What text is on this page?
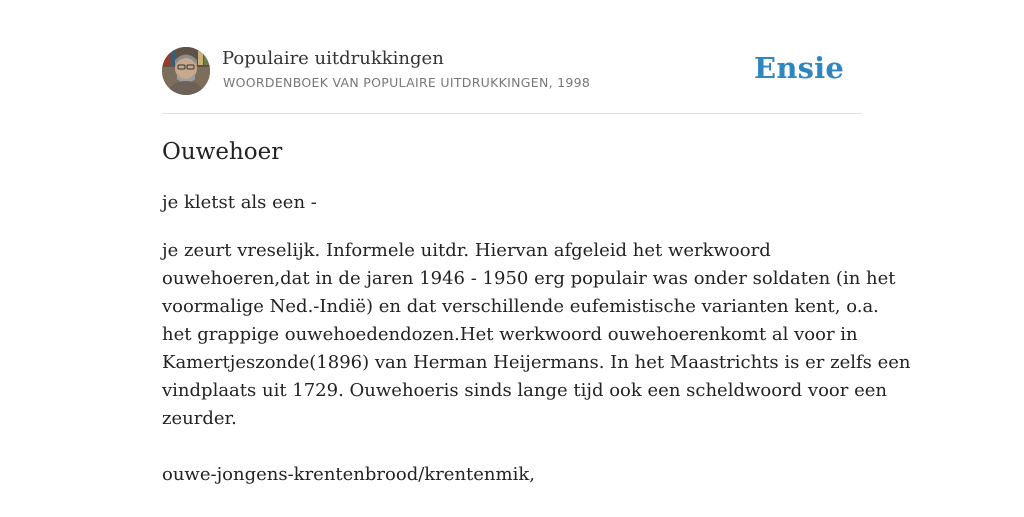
Populaire uitdrukkingen
WOORDENBOEK VAN POPULAIRE UITDRUKKINGEN, 1998	Ensie
Ouwehoer
je kletst als een -

je zeurt vreselijk. Informele uitdr. Hiervan afgeleid het werkwoord
ouwehoeren,dat in de jaren 1946 - 1950 erg populair was onder soldaten (in het
voormalige Ned.-Indië) en dat verschillende eufemistische varianten kent, o.a.
het grappige ouwehoedendozen.Het werkwoord ouwehoerenkomt al voor in
Kamertjeszonde(1896) van Herman Heijermans. In het Maastrichts is er zelfs een
vindplaats uit 1729. Ouwehoeris sinds lange tijd ook een scheldwoord voor een
zeurder.

ouwe-jongens-krentenbrood/krentenmik,
